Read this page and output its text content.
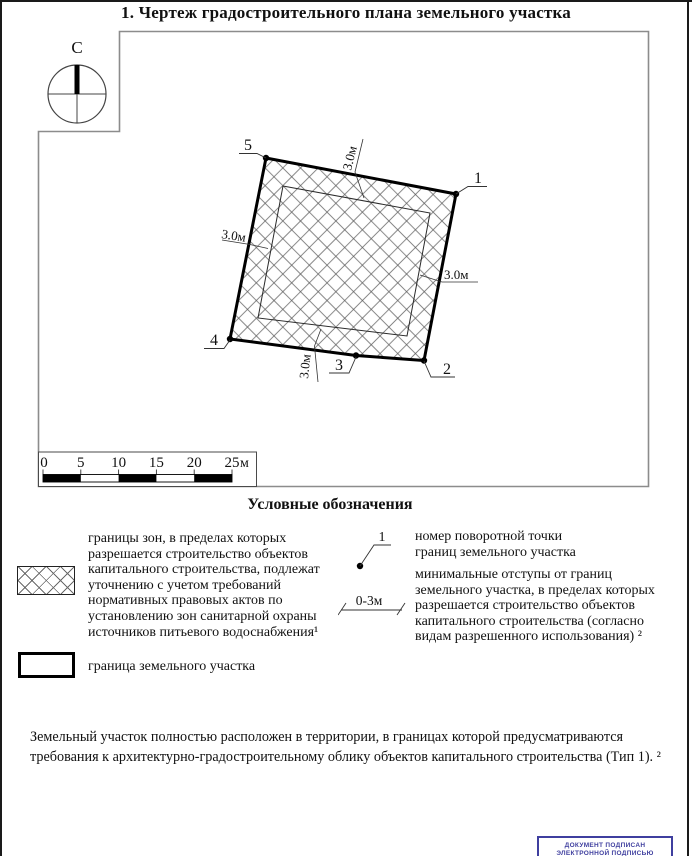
1. Чертеж градостроительного плана земельного участка
С
1
2
3
4
5	3.0м
3.0м
3.0м
3.0м
0 5 10 15 20 25 м
Условные обозначения
границы зон, в пределах которых разрешается строительство объектов капитального строительства, подлежат уточнению с учетом требований нормативных правовых актов по установлению зон санитарной охраны источников питьевого водоснабжения¹
граница земельного участка
1 номер поворотной точки границ земельного участка
0-3м
минимальные отступы от границ земельного участка, в пределах которых разрешается строительство объектов капитального строительства (согласно видам разрешенного использования) ²
Земельный участок полностью расположен в территории, в границах которой предусматриваются
требования к архитектурно-градостроительному облику объектов капитального строительства (Тип 1). ²
ДОКУМЕНТ ПОДПИСАН
ЭЛЕКТРОННОЙ ПОДПИСЬЮ
